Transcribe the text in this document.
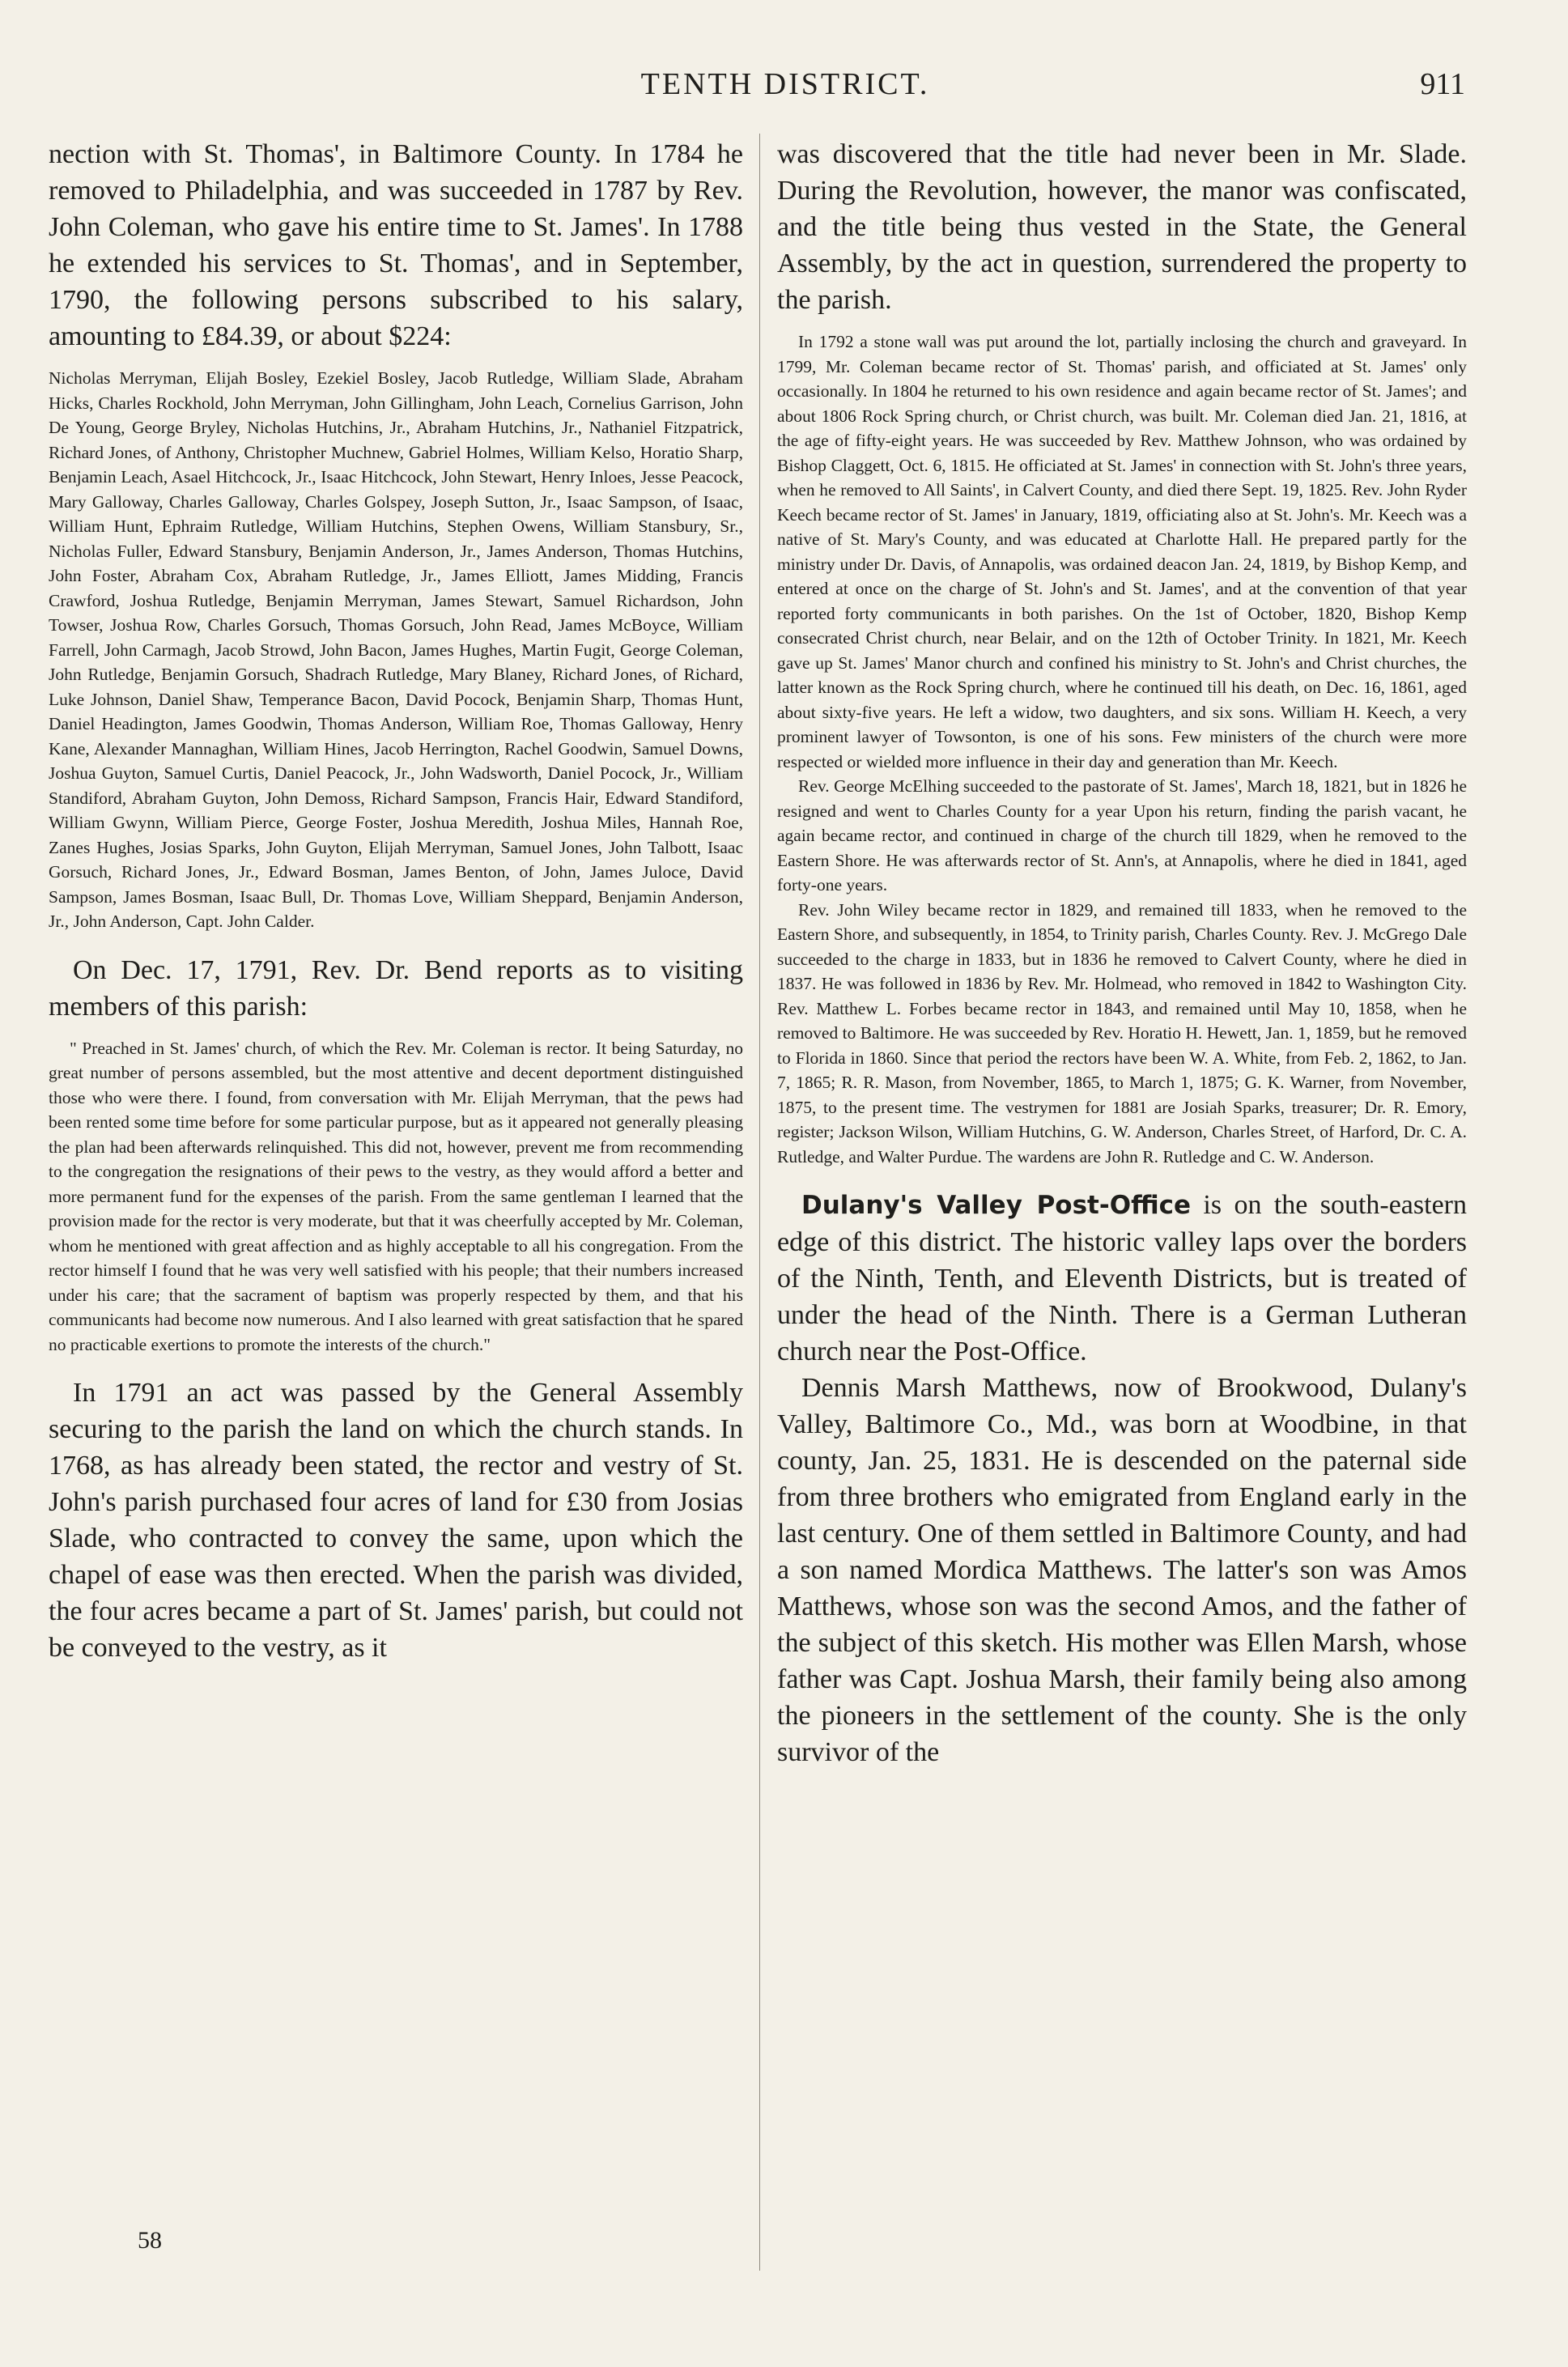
TENTH DISTRICT.	911

nection with St. Thomas', in Baltimore County. In 1784 he removed to Philadelphia, and was succeeded in 1787 by Rev. John Coleman, who gave his entire time to St. James'. In 1788 he extended his services to St. Thomas', and in September, 1790, the following persons subscribed to his salary, amounting to £84.39, or about $224:

Nicholas Merryman, Elijah Bosley, Ezekiel Bosley, Jacob Rutledge, William Slade, Abraham Hicks, Charles Rockhold, John Merryman, John Gillingham, John Leach, Cornelius Garrison, John De Young, George Bryley, Nicholas Hutchins, Jr., Abraham Hutchins, Jr., Nathaniel Fitzpatrick, Richard Jones, of Anthony, Christopher Muchnew, Gabriel Holmes, William Kelso, Horatio Sharp, Benjamin Leach, Asael Hitchcock, Jr., Isaac Hitchcock, John Stewart, Henry Inloes, Jesse Peacock, Mary Galloway, Charles Galloway, Charles Golspey, Joseph Sutton, Jr., Isaac Sampson, of Isaac, William Hunt, Ephraim Rutledge, William Hutchins, Stephen Owens, William Stansbury, Sr., Nicholas Fuller, Edward Stansbury, Benjamin Anderson, Jr., James Anderson, Thomas Hutchins, John Foster, Abraham Cox, Abraham Rutledge, Jr., James Elliott, James Midding, Francis Crawford, Joshua Rutledge, Benjamin Merryman, James Stewart, Samuel Richardson, John Towser, Joshua Row, Charles Gorsuch, Thomas Gorsuch, John Read, James McBoyce, William Farrell, John Carmagh, Jacob Strowd, John Bacon, James Hughes, Martin Fugit, George Coleman, John Rutledge, Benjamin Gorsuch, Shadrach Rutledge, Mary Blaney, Richard Jones, of Richard, Luke Johnson, Daniel Shaw, Temperance Bacon, David Pocock, Benjamin Sharp, Thomas Hunt, Daniel Headington, James Goodwin, Thomas Anderson, William Roe, Thomas Galloway, Henry Kane, Alexander Mannaghan, William Hines, Jacob Herrington, Rachel Goodwin, Samuel Downs, Joshua Guyton, Samuel Curtis, Daniel Peacock, Jr., John Wadsworth, Daniel Pocock, Jr., William Standiford, Abraham Guyton, John Demoss, Richard Sampson, Francis Hair, Edward Standiford, William Gwynn, William Pierce, George Foster, Joshua Meredith, Joshua Miles, Hannah Roe, Zanes Hughes, Josias Sparks, John Guyton, Elijah Merryman, Samuel Jones, John Talbott, Isaac Gorsuch, Richard Jones, Jr., Edward Bosman, James Benton, of John, James Juloce, David Sampson, James Bosman, Isaac Bull, Dr. Thomas Love, William Sheppard, Benjamin Anderson, Jr., John Anderson, Capt. John Calder.

On Dec. 17, 1791, Rev. Dr. Bend reports as to visiting members of this parish:

" Preached in St. James' church, of which the Rev. Mr. Coleman is rector. It being Saturday, no great number of persons assembled, but the most attentive and decent deportment distinguished those who were there. I found, from conversation with Mr. Elijah Merryman, that the pews had been rented some time before for some particular purpose, but as it appeared not generally pleasing the plan had been afterwards relinquished. This did not, however, prevent me from recommending to the congregation the resignations of their pews to the vestry, as they would afford a better and more permanent fund for the expenses of the parish. From the same gentleman I learned that the provision made for the rector is very moderate, but that it was cheerfully accepted by Mr. Coleman, whom he mentioned with great affection and as highly acceptable to all his congregation. From the rector himself I found that he was very well satisfied with his people; that their numbers increased under his care; that the sacrament of baptism was properly respected by them, and that his communicants had become now numerous. And I also learned with great satisfaction that he spared no practicable exertions to promote the interests of the church."

In 1791 an act was passed by the General Assembly securing to the parish the land on which the church stands. In 1768, as has already been stated, the rector and vestry of St. John's parish purchased four acres of land for £30 from Josias Slade, who contracted to convey the same, upon which the chapel of ease was then erected. When the parish was divided, the four acres became a part of St. James' parish, but could not be conveyed to the vestry, as it

was discovered that the title had never been in Mr. Slade. During the Revolution, however, the manor was confiscated, and the title being thus vested in the State, the General Assembly, by the act in question, surrendered the property to the parish.

In 1792 a stone wall was put around the lot, partially inclosing the church and graveyard. In 1799, Mr. Coleman became rector of St. Thomas' parish, and officiated at St. James' only occasionally. In 1804 he returned to his own residence and again became rector of St. James'; and about 1806 Rock Spring church, or Christ church, was built. Mr. Coleman died Jan. 21, 1816, at the age of fifty-eight years. He was succeeded by Rev. Matthew Johnson, who was ordained by Bishop Claggett, Oct. 6, 1815. He officiated at St. James' in connection with St. John's three years, when he removed to All Saints', in Calvert County, and died there Sept. 19, 1825. Rev. John Ryder Keech became rector of St. James' in January, 1819, officiating also at St. John's. Mr. Keech was a native of St. Mary's County, and was educated at Charlotte Hall. He prepared partly for the ministry under Dr. Davis, of Annapolis, was ordained deacon Jan. 24, 1819, by Bishop Kemp, and entered at once on the charge of St. John's and St. James', and at the convention of that year reported forty communicants in both parishes. On the 1st of October, 1820, Bishop Kemp consecrated Christ church, near Belair, and on the 12th of October Trinity. In 1821, Mr. Keech gave up St. James' Manor church and confined his ministry to St. John's and Christ churches, the latter known as the Rock Spring church, where he continued till his death, on Dec. 16, 1861, aged about sixty-five years. He left a widow, two daughters, and six sons. William H. Keech, a very prominent lawyer of Towsonton, is one of his sons. Few ministers of the church were more respected or wielded more influence in their day and generation than Mr. Keech.

Rev. George McElhing succeeded to the pastorate of St. James', March 18, 1821, but in 1826 he resigned and went to Charles County for a year Upon his return, finding the parish vacant, he again became rector, and continued in charge of the church till 1829, when he removed to the Eastern Shore. He was afterwards rector of St. Ann's, at Annapolis, where he died in 1841, aged forty-one years.

Rev. John Wiley became rector in 1829, and remained till 1833, when he removed to the Eastern Shore, and subsequently, in 1854, to Trinity parish, Charles County. Rev. J. McGrego Dale succeeded to the charge in 1833, but in 1836 he removed to Calvert County, where he died in 1837. He was followed in 1836 by Rev. Mr. Holmead, who removed in 1842 to Washington City. Rev. Matthew L. Forbes became rector in 1843, and remained until May 10, 1858, when he removed to Baltimore. He was succeeded by Rev. Horatio H. Hewett, Jan. 1, 1859, but he removed to Florida in 1860. Since that period the rectors have been W. A. White, from Feb. 2, 1862, to Jan. 7, 1865; R. R. Mason, from November, 1865, to March 1, 1875; G. K. Warner, from November, 1875, to the present time. The vestrymen for 1881 are Josiah Sparks, treasurer; Dr. R. Emory, register; Jackson Wilson, William Hutchins, G. W. Anderson, Charles Street, of Harford, Dr. C. A. Rutledge, and Walter Purdue. The wardens are John R. Rutledge and C. W. Anderson.

Dulany's Valley Post-Office is on the south-eastern edge of this district. The historic valley laps over the borders of the Ninth, Tenth, and Eleventh Districts, but is treated of under the head of the Ninth. There is a German Lutheran church near the Post-Office.

Dennis Marsh Matthews, now of Brookwood, Dulany's Valley, Baltimore Co., Md., was born at Woodbine, in that county, Jan. 25, 1831. He is descended on the paternal side from three brothers who emigrated from England early in the last century. One of them settled in Baltimore County, and had a son named Mordica Matthews. The latter's son was Amos Matthews, whose son was the second Amos, and the father of the subject of this sketch. His mother was Ellen Marsh, whose father was Capt. Joshua Marsh, their family being also among the pioneers in the settlement of the county. She is the only survivor of the

58
